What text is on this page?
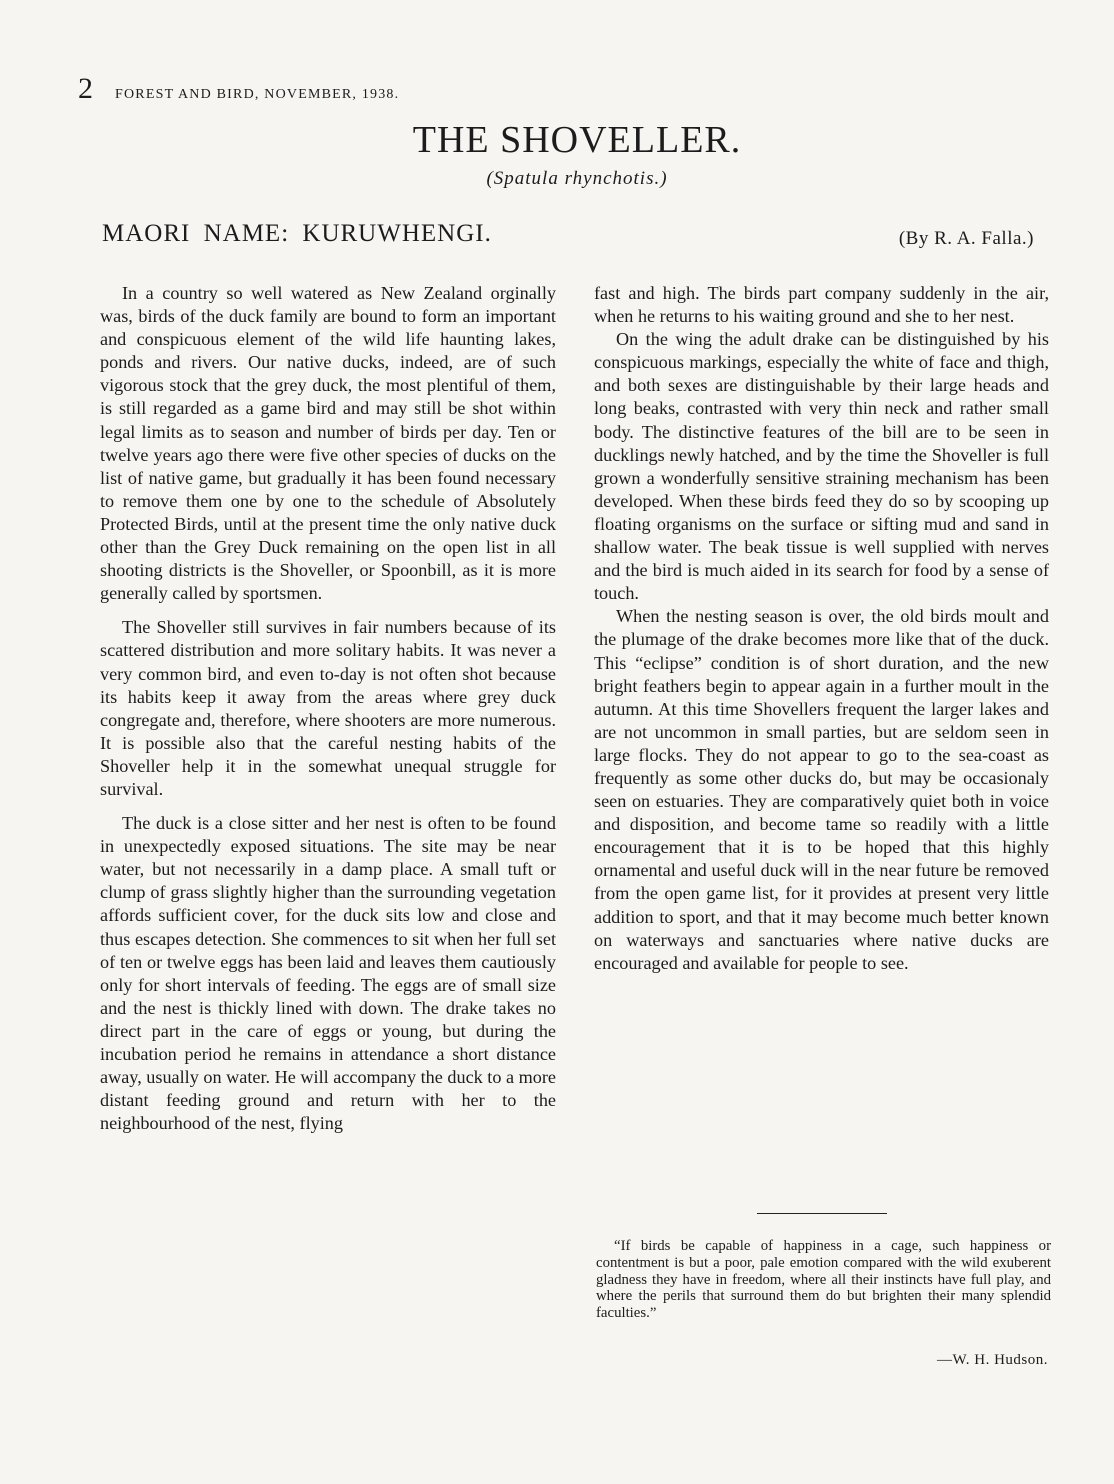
2 FOREST AND BIRD, NOVEMBER, 1938.
THE SHOVELLER.
(Spatula rhynchotis.)
MAORI NAME: KURUWHENGI.	(By R. A. Falla.)

In a country so well watered as New Zealand orginally was, birds of the duck family are bound to form an important and conspicuous element of the wild life haunting lakes, ponds and rivers. Our native ducks, indeed, are of such vigorous stock that the grey duck, the most plentiful of them, is still regarded as a game bird and may still be shot within legal limits as to season and number of birds per day. Ten or twelve years ago there were five other species of ducks on the list of native game, but gradually it has been found necessary to remove them one by one to the schedule of Absolutely Protected Birds, until at the present time the only native duck other than the Grey Duck remaining on the open list in all shooting districts is the Shoveller, or Spoonbill, as it is more generally called by sportsmen.

The Shoveller still survives in fair numbers because of its scattered distribution and more solitary habits. It was never a very common bird, and even to-day is not often shot because its habits keep it away from the areas where grey duck congregate and, therefore, where shooters are more numerous. It is possible also that the careful nesting habits of the Shoveller help it in the somewhat unequal struggle for survival.

The duck is a close sitter and her nest is often to be found in unexpectedly exposed situations. The site may be near water, but not necessarily in a damp place. A small tuft or clump of grass slightly higher than the surrounding vegetation affords sufficient cover, for the duck sits low and close and thus escapes detection. She commences to sit when her full set of ten or twelve eggs has been laid and leaves them cautiously only for short intervals of feeding. The eggs are of small size and the nest is thickly lined with down. The drake takes no direct part in the care of eggs or young, but during the incubation period he remains in attendance a short distance away, usually on water. He will accompany the duck to a more distant feeding ground and return with her to the neighbourhood of the nest, flying

fast and high. The birds part company suddenly in the air, when he returns to his waiting ground and she to her nest.

On the wing the adult drake can be distinguished by his conspicuous markings, especially the white of face and thigh, and both sexes are distinguishable by their large heads and long beaks, contrasted with very thin neck and rather small body. The distinctive features of the bill are to be seen in ducklings newly hatched, and by the time the Shoveller is full grown a wonderfully sensitive straining mechanism has been developed. When these birds feed they do so by scooping up floating organisms on the surface or sifting mud and sand in shallow water. The beak tissue is well supplied with nerves and the bird is much aided in its search for food by a sense of touch.

When the nesting season is over, the old birds moult and the plumage of the drake becomes more like that of the duck. This “eclipse” condition is of short duration, and the new bright feathers begin to appear again in a further moult in the autumn. At this time Shovellers frequent the larger lakes and are not uncommon in small parties, but are seldom seen in large flocks. They do not appear to go to the sea-coast as frequently as some other ducks do, but may be occasionaly seen on estuaries. They are comparatively quiet both in voice and disposition, and become tame so readily with a little encouragement that it is to be hoped that this highly ornamental and useful duck will in the near future be removed from the open game list, for it provides at present very little addition to sport, and that it may become much better known on waterways and sanctuaries where native ducks are encouraged and available for people to see.

“If birds be capable of happiness in a cage, such happiness or contentment is but a poor, pale emotion compared with the wild exuberent gladness they have in freedom, where all their instincts have full play, and where the perils that surround them do but brighten their many splendid faculties.”

—W. H. Hudson.
